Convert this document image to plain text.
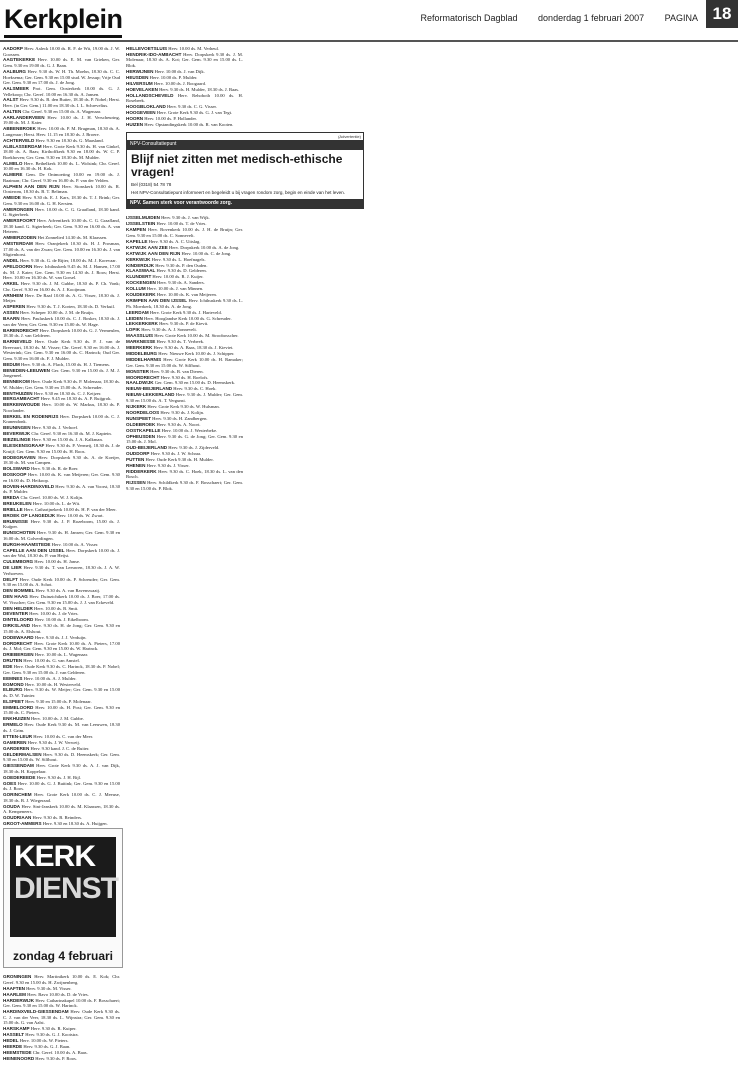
Kerkplein	Reformatorisch Dagblad donderdag 1 februari 2007 PAGINA 18

AADORP Herv. Aaleck 10.00 ds. R. F. de Wit, 19.00 ds. J. W. Goossen.

AAGTEKERKE Herv. 10.00 ds. E. M. van Grieken, Ger. Gem. 9.30 en 19.00 ds. G. J. Baan.

AALBURG Herv. 9.30 ds. W. H. Th. Moehn, 18.30 ds. C. C. Hoeksema; Ger. Gem. 9.30 en 15.00 stud. W. Jessup; Vrije Oud Ger. Gem. 9.30 en 17.00 ds. J. de Jong.

AALSMEER Prot. Gem. Oosterkerk 10.00 ds. G. J. Vellekoop; Chr. Geref. 10.00 en 16.30 ds. A. Jansen.

AALST Herv. 9.30 ds. B. den Butter, 18.30 ds. P. Nobel; Herst. Herv. (in Ger. Gem.) 11.00 en 18.30 ds. I. L. Schrevelius.

AALTEN Chr. Geref. 9.30 en 15.00 ds. A. Wagenaar.

AARLANDERVEEN Herv. 10.00 ds. J. H. Verscheuring, 19.00 ds. M. J. Kater.

ABBENBROEK Herv. 10.00 ds. P. M. Brugman, 18.30 ds. A. Langeraar; Herst. Herv. 11.15 en 18.30 ds. J. Broere.

ACHTERVELD Herv. 9.30 en 18.30 ds. G. Maasland.

ALBLASSERDAM Herv. Grote Kerk 9.30 ds. H. van Ginkel, 18.00 ds. A. Baas; Kirthoffkerk 9.30 en 18.00 ds. W. C. P. Boekhoven; Ger. Gem. 9.30 en 18.30 ds. M. Mulder.

ALMELO Herv. Bethelkerk 10.00 ds. L. Wolsink; Chr. Geref. 10.00 en 16.30 ds. H. Kok.

ALMERE Gem. De Ontmoeting 10.00 en 19.00 ds. J. Baaiman; Chr. Geref. 9.30 en 16.00 ds. P. van der Velden.

ALPHEN AAN DEN RIJN Herv. Sionskerk 10.00 ds. R. Oosterom, 18.30 ds. B. T. Beltman.

AMEIDE Herv. 9.30 ds. E. J. Kars, 18.30 ds. T. J. Brink; Ger. Gem. 9.30 en 16.00 ds. G. H. Kersten.

AMERONGEN Herv. 10.00 ds. C. G. Graafland, 18.30 kand. G. Sigterbeek.

AMERSFOORT Herv. Adventkerk 10.00 ds. C. G. Graafland, 18.30 kand. G. Sigterbeek; Ger. Gem. 9.30 en 16.00 ds. A. van Heteren.

AMMERZODEN Het Zonnelied 14.30 ds. M. Klaassen.

AMSTERDAM Herv. Oranjekerk 10.30 ds. H. J. Prosman, 17.00 ds. A. van der Zwan; Ger. Gem. 10.00 en 16.30 ds. J. van Sligtenhorst.

ANDEL Herv. 9.30 ds. G. de Rijter, 18.00 ds. M. J. Korevaar.

APELDOORN Herv. Ichthuskerk 9.45 ds. M. J. Hansen, 17.00 ds. M. J. Kater; Ger. Gem. 9.30 en 14.30 ds. J. Roos; Herst. Herv. 10.00 en 16.30 ds. W. van Gorsel.

ARKEL Herv. 9.30 ds. J. M. Gubbe, 18.30 ds. P. Ch. Vonk; Chr. Geref. 9.30 en 16.00 ds. A. J. Kooijman.

ARNHEM Herv. De Raaf 10.00 ds. A. G. Visser, 18.30 ds. J. Meijer.

ASPEREN Herv. 9.30 ds. T. J. Korten, 18.30 ds. D. Verkuil.

ASSEN Herv. Scheper 10.00 ds. J. M. de Bruijn.

BAARN Herv. Pauluskerk 10.00 ds. C. J. Bosker, 18.30 ds. J. van der Veen; Ger. Gem. 9.30 en 15.00 ds. W. Hage.

BARENDRECHT Herv. Dorpskerk 10.00 ds. G. J. Vermeulen, 18.30 ds. J. van Gelderen.

BARNEVELD Herv. Oude Kerk 9.30 ds. P. J. van de Breevaart, 18.30 ds. M. Visser; Chr. Geref. 9.30 en 16.00 ds. J. Westerink; Ger. Gem. 9.30 en 16.00 ds. C. Harinck; Oud Ger. Gem. 9.30 en 16.00 ds. F. J. Mulder.

BEDUM Herv. 9.30 ds. A. Flach, 15.00 ds. H. J. Tiemens.

BENEDEN-LEEUWEN Ger. Gem. 9.30 en 15.00 ds. J. M. J. Jongeneel.

BENNEKOM Herv. Oude Kerk 9.30 ds. P. Molenaar, 18.30 ds. W. Mulder; Ger. Gem. 9.30 en 15.00 ds. A. Schreuder.

BENTHUIZEN Herv. 9.30 en 18.30 ds. C. J. Keijzer.

BERGAMBACHT Herv. 9.45 en 18.30 ds. A. P. Ruijgrok.

BERKENWOUDE Herv. 10.00 ds. W. Markus, 18.30 ds. P. Noorlander.

BERKEL EN RODENRIJS Herv. Dorpskerk 10.00 ds. C. J. Kranendonk.

BEUNINGEN Herv. 9.30 ds. J. Verhoef.

BEVERWIJK Chr. Geref. 9.30 en 16.30 ds. M. J. Kaptein.

BIEZELINGE Herv. 9.30 en 15.00 ds. J. A. Kalkman.

BLESKENSGRAAF Herv. 9.30 ds. P. Vermeij, 18.30 ds. J. de Kruijf; Ger. Gem. 9.30 en 15.00 ds. H. Roos.

BODEGRAVEN Herv. Dorpskerk 9.30 ds. A. de Koeijer, 18.30 ds. M. van Campen.

BOLSWARD Herv. 9.30 ds. R. de Boer.

BOSKOOP Herv. 10.00 ds. K. van Meijeren; Ger. Gem. 9.30 en 16.00 ds. D. Heikoop.

BOVEN-HARDINXVELD Herv. 9.30 ds. A. van Voorst, 18.30 ds. P. Mulder.

BREDA Chr. Geref. 10.00 ds. W. J. Kolijn.

BREUKELEN Herv. 10.00 ds. L. de Wit.

BRIELLE Herv. Catharijnekerk 10.00 ds. H. P. van der Meer.

BROEK OP LANGEDIJK Herv. 10.00 ds. W. Zwart.

BRUINISSE Herv. 9.30 ds. J. P. Rozeboom, 15.00 ds. J. Kuijper.

BUNSCHOTEN Herv. 9.30 ds. H. Jansen; Ger. Gem. 9.30 en 16.00 ds. M. Golverdingen.

BURGH-HAAMSTEDE Herv. 10.00 ds. A. Visser.

CAPELLE AAN DEN IJSSEL Herv. Dorpskerk 10.00 ds. J. van der Wal, 18.30 ds. P. van Heijst.

CULEMBORG Herv. 10.00 ds. H. Janse.

DE LIER Herv. 9.30 ds. T. van Leeuwen, 18.30 ds. J. A. W. Verhoeven.

DELFT Herv. Oude Kerk 10.00 ds. P. Schreuder; Ger. Gem. 9.30 en 15.00 ds. A. Schot.

DEN BOMMEL Herv. 9.30 ds. A. van Ravenswaaij.

DEN HAAG Herv. Duinzichtkerk 10.00 ds. J. Boer, 17.00 ds. W. Visscher; Ger. Gem. 9.30 en 15.00 ds. J. J. van Eckeveld.

DEN HELDER Herv. 10.00 ds. B. Smit.

DEVENTER Herv. 10.00 ds. J. de Vries.

DINTELOORD Herv. 10.00 ds. J. Eikelboom.

DIRKSLAND Herv. 9.30 ds. H. de Jong; Ger. Gem. 9.30 en 15.00 ds. A. Elshout.

DODEWAARD Herv. 9.30 ds. J. J. Verduijn.

DORDRECHT Herv. Grote Kerk 10.00 ds. A. Pieters, 17.00 ds. J. Mol; Ger. Gem. 9.30 en 15.00 ds. W. Harinck.

DRIEBERGEN Herv. 10.00 ds. L. Wagenaar.

DRUTEN Herv. 10.00 ds. G. van Amstel.

EDE Herv. Oude Kerk 9.30 ds. C. Harinck, 18.30 ds. P. Nobel; Ger. Gem. 9.30 en 15.00 ds. J. van Gelderen.

EEMNES Herv. 10.00 ds. A. J. Mulder.

EGMOND Herv. 10.00 ds. H. Westerveld.

ELBURG Herv. 9.30 ds. W. Meijer; Ger. Gem. 9.30 en 15.00 ds. D. W. Tuinier.

ELSPEET Herv. 9.30 en 15.00 ds. P. Molenaar.

EMMELOORD Herv. 10.00 ds. H. Post; Ger. Gem. 9.30 en 15.00 ds. C. Pieters.

ENKHUIZEN Herv. 10.00 ds. J. M. Gubbe.

ERMELO Herv. Oude Kerk 9.30 ds. M. van Leeuwen, 18.30 ds. J. Grim.

ETTEN-LEUR Herv. 10.00 ds. C. van der Meer.

GAMEREN Herv. 9.30 ds. J. W. Verweij.

GARDEREN Herv. 9.30 kand. J. C. de Ruiter.

GELDERMALSEN Herv. 9.30 ds. D. Heemskerk; Ger. Gem. 9.30 en 15.00 ds. W. Silfhout.

GIESSENDAM Herv. Grote Kerk 9.30 ds. A. J. van Dijk, 18.30 ds. H. Koppelaar.

GOEDEREEDE Herv. 9.30 ds. J. H. Bijl.

GOES Herv. 10.00 ds. G. J. Buitink; Ger. Gem. 9.30 en 15.00 ds. J. Roos.

GORINCHEM Herv. Grote Kerk 10.00 ds. C. J. Meeuse, 18.30 ds. B. J. Wiegeraad.

GOUDA Herv. Sint-Janskerk 10.00 ds. M. Klaassen, 18.30 ds. A. Kempeneers.

GOUDRIAAN Herv. 9.30 ds. B. Reinders.

GROOT-AMMERS Herv. 9.30 en 18.30 ds. A. Huijgen.

KERK
DIENST
zondag 4 februari

GRONINGEN Herv. Martinikerk 10.00 ds. E. Kok; Chr. Geref. 9.30 en 15.00 ds. H. Zwijnenberg.

HAAFTEN Herv. 9.30 ds. M. Visser.

HAARLEM Herv. Bavo 10.00 ds. D. de Vries.

HARDERWIJK Herv. Catharinakapel 10.00 ds. F. Bosschaert; Ger. Gem. 9.30 en 15.00 ds. W. Harinck.

HARDINXVELD-GIESSENDAM Herv. Oude Kerk 9.30 ds. C. J. van der Veer, 18.30 ds. L. Wijnstra; Ger. Gem. 9.30 en 15.00 ds. G. van Aalst.

HARSKAMP Herv. 9.30 ds. R. Kuiper.

HASSELT Herv. 9.30 ds. G. J. Kootstra.

HEDEL Herv. 10.00 ds. W. Pieters.

HEERDE Herv. 9.30 ds. G. J. Baan.

HEEMSTEDE Chr. Geref. 10.00 ds. A. Baas.

HEINENOORD Herv. 9.30 ds. P. Roos.

HELLEVOETSLUIS Herv. 10.00 ds. M. Verheul.

HENDRIK-IDO-AMBACHT Herv. Dorpskerk 9.30 ds. J. M. Molenaar, 18.30 ds. A. Kot; Ger. Gem. 9.30 en 15.00 ds. L. Blok.

HERWIJNEN Herv. 10.00 ds. J. van Dijk.

HEUSDEN Herv. 10.00 ds. P. Mulder.

HILVERSUM Herv. 10.00 ds. J. Boogaard.

HOEVELAKEN Herv. 9.30 ds. H. Mulder, 18.30 ds. J. Baas.

HOLLANDSCHEVELD Herv. Rehoboth 10.00 ds. H. Rosebeek.

HOOGBLOKLAND Herv. 9.30 ds. C. G. Visser.

HOOGEVEEN Herv. Grote Kerk 9.30 ds. G. J. van Tegt.

HOORN Herv. 10.00 ds. P. Hollander.

HUIZEN Herv. Opstandingskerk 10.00 ds. R. van Kooten.

(Advertentie)
NPV-Consultatiepunt
Blijf niet zitten met medisch-ethische vragen!
Bel (0318) 54 78 78
Het NPV-Consultatiepunt informeert en begeleidt u bij vragen rondom zorg, begin en einde van het leven.
NPV. Samen sterk voor verantwoorde zorg.

IJSSELMUIDEN Herv. 9.30 ds. J. van Wijk.

IJSSELSTEIN Herv. 10.00 ds. T. de Vries.

KAMPEN Herv. Bovenkerk 10.00 ds. J. H. de Bruijn; Ger. Gem. 9.30 en 15.00 ds. C. Sonnevelt.

KAPELLE Herv. 9.30 ds. A. C. Uitslag.

KATWIJK AAN ZEE Herv. Dorpskerk 10.00 ds. A. de Jong.

KATWIJK AAN DEN RIJN Herv. 10.00 ds. C. de Jong.

KERKWIJK Herv. 9.30 ds. L. Hoefnagels.

KINDERDIJK Herv. 9.30 ds. P. den Ouden.

KLAASWAAL Herv. 9.30 ds. D. Gelderen.

KLUNDERT Herv. 10.00 ds. R. J. Kuijer.

KOCKENGEN Herv. 9.30 ds. A. Sanders.

KOLLUM Herv. 10.00 ds. J. van Minnen.

KOUDEKERK Herv. 10.00 ds. K. van Meijeren.

KRIMPEN AAN DEN IJSSEL Herv. Ichthuskerk 9.30 ds. L. Ph. Moerkerk, 18.30 ds. A. de Jong.

LEERDAM Herv. Grote Kerk 9.30 ds. J. Harteveld.

LEIDEN Herv. Hooglandse Kerk 10.00 ds. G. Schreuder.

LEKKERKERK Herv. 9.30 ds. P. de Kievit.

LOPIK Herv. 9.30 ds. A. J. Sonnevelt.

MAASSLUIS Herv. Grote Kerk 10.00 ds. M. Stroobosscher.

MARKNESSE Herv. 9.30 ds. T. Verbeek.

MEERKERK Herv. 9.30 ds. A. Baas, 18.30 ds. J. Kieviet.

MIDDELBURG Herv. Nieuwe Kerk 10.00 ds. J. Schipper.

MIDDELHARNIS Herv. Grote Kerk 10.00 ds. H. Ramaker; Ger. Gem. 9.30 en 15.00 ds. W. Silfhout.

MONSTER Herv. 9.30 ds. B. van Dieren.

MOORDRECHT Herv. 9.30 ds. H. Roelofs.

NAALDWIJK Ger. Gem. 9.30 en 15.00 ds. D. Heemskerk.

NIEUW-BEIJERLAND Herv. 9.30 ds. C. Hoek.

NIEUW-LEKKERLAND Herv. 9.30 ds. J. Mulder; Ger. Gem. 9.30 en 15.00 ds. A. T. Vergunst.

NIJKERK Herv. Grote Kerk 9.30 ds. W. Hulsman.

NOORDELOOS Herv. 9.30 ds. J. Kolijn.

NUNSPEET Herv. 9.30 ds. H. Zandbergen.

OLDEBROEK Herv. 9.30 ds. A. Noort.

OOSTKAPELLE Herv. 10.00 ds. J. Westerbeke.

OPHEUSDEN Herv. 9.30 ds. G. de Jong; Ger. Gem. 9.30 en 15.00 ds. J. Mol.

OUD-BEIJERLAND Herv. 9.30 ds. J. Zijderveld.

OUDDORP Herv. 9.30 ds. J. W. Schraa.

PUTTEN Herv. Oude Kerk 9.30 ds. H. Mulder.

RHENEN Herv. 9.30 ds. J. Visser.

RIDDERKERK Herv. 9.30 ds. C. Hoek, 18.30 ds. L. van den Bosch.

RIJSSEN Herv. Schildkerk 9.30 ds. F. Bosschaert; Ger. Gem. 9.30 en 15.00 ds. P. Blok.
